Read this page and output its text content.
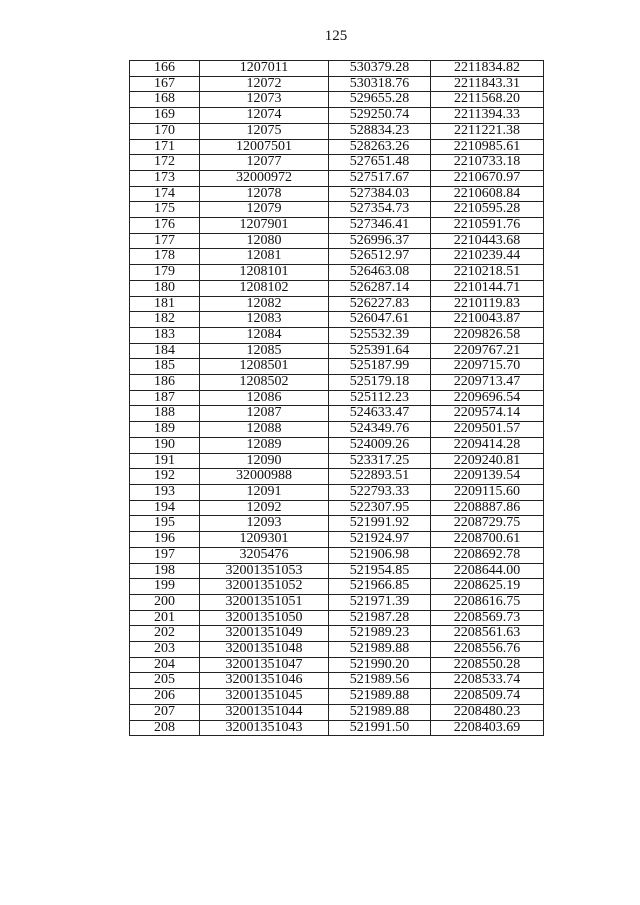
125
166	1207011	530379.28	2211834.82
167	12072	530318.76	2211843.31
168	12073	529655.28	2211568.20
169	12074	529250.74	2211394.33
170	12075	528834.23	2211221.38
171	12007501	528263.26	2210985.61
172	12077	527651.48	2210733.18
173	32000972	527517.67	2210670.97
174	12078	527384.03	2210608.84
175	12079	527354.73	2210595.28
176	1207901	527346.41	2210591.76
177	12080	526996.37	2210443.68
178	12081	526512.97	2210239.44
179	1208101	526463.08	2210218.51
180	1208102	526287.14	2210144.71
181	12082	526227.83	2210119.83
182	12083	526047.61	2210043.87
183	12084	525532.39	2209826.58
184	12085	525391.64	2209767.21
185	1208501	525187.99	2209715.70
186	1208502	525179.18	2209713.47
187	12086	525112.23	2209696.54
188	12087	524633.47	2209574.14
189	12088	524349.76	2209501.57
190	12089	524009.26	2209414.28
191	12090	523317.25	2209240.81
192	32000988	522893.51	2209139.54
193	12091	522793.33	2209115.60
194	12092	522307.95	2208887.86
195	12093	521991.92	2208729.75
196	1209301	521924.97	2208700.61
197	3205476	521906.98	2208692.78
198	32001351053	521954.85	2208644.00
199	32001351052	521966.85	2208625.19
200	32001351051	521971.39	2208616.75
201	32001351050	521987.28	2208569.73
202	32001351049	521989.23	2208561.63
203	32001351048	521989.88	2208556.76
204	32001351047	521990.20	2208550.28
205	32001351046	521989.56	2208533.74
206	32001351045	521989.88	2208509.74
207	32001351044	521989.88	2208480.23
208	32001351043	521991.50	2208403.69
